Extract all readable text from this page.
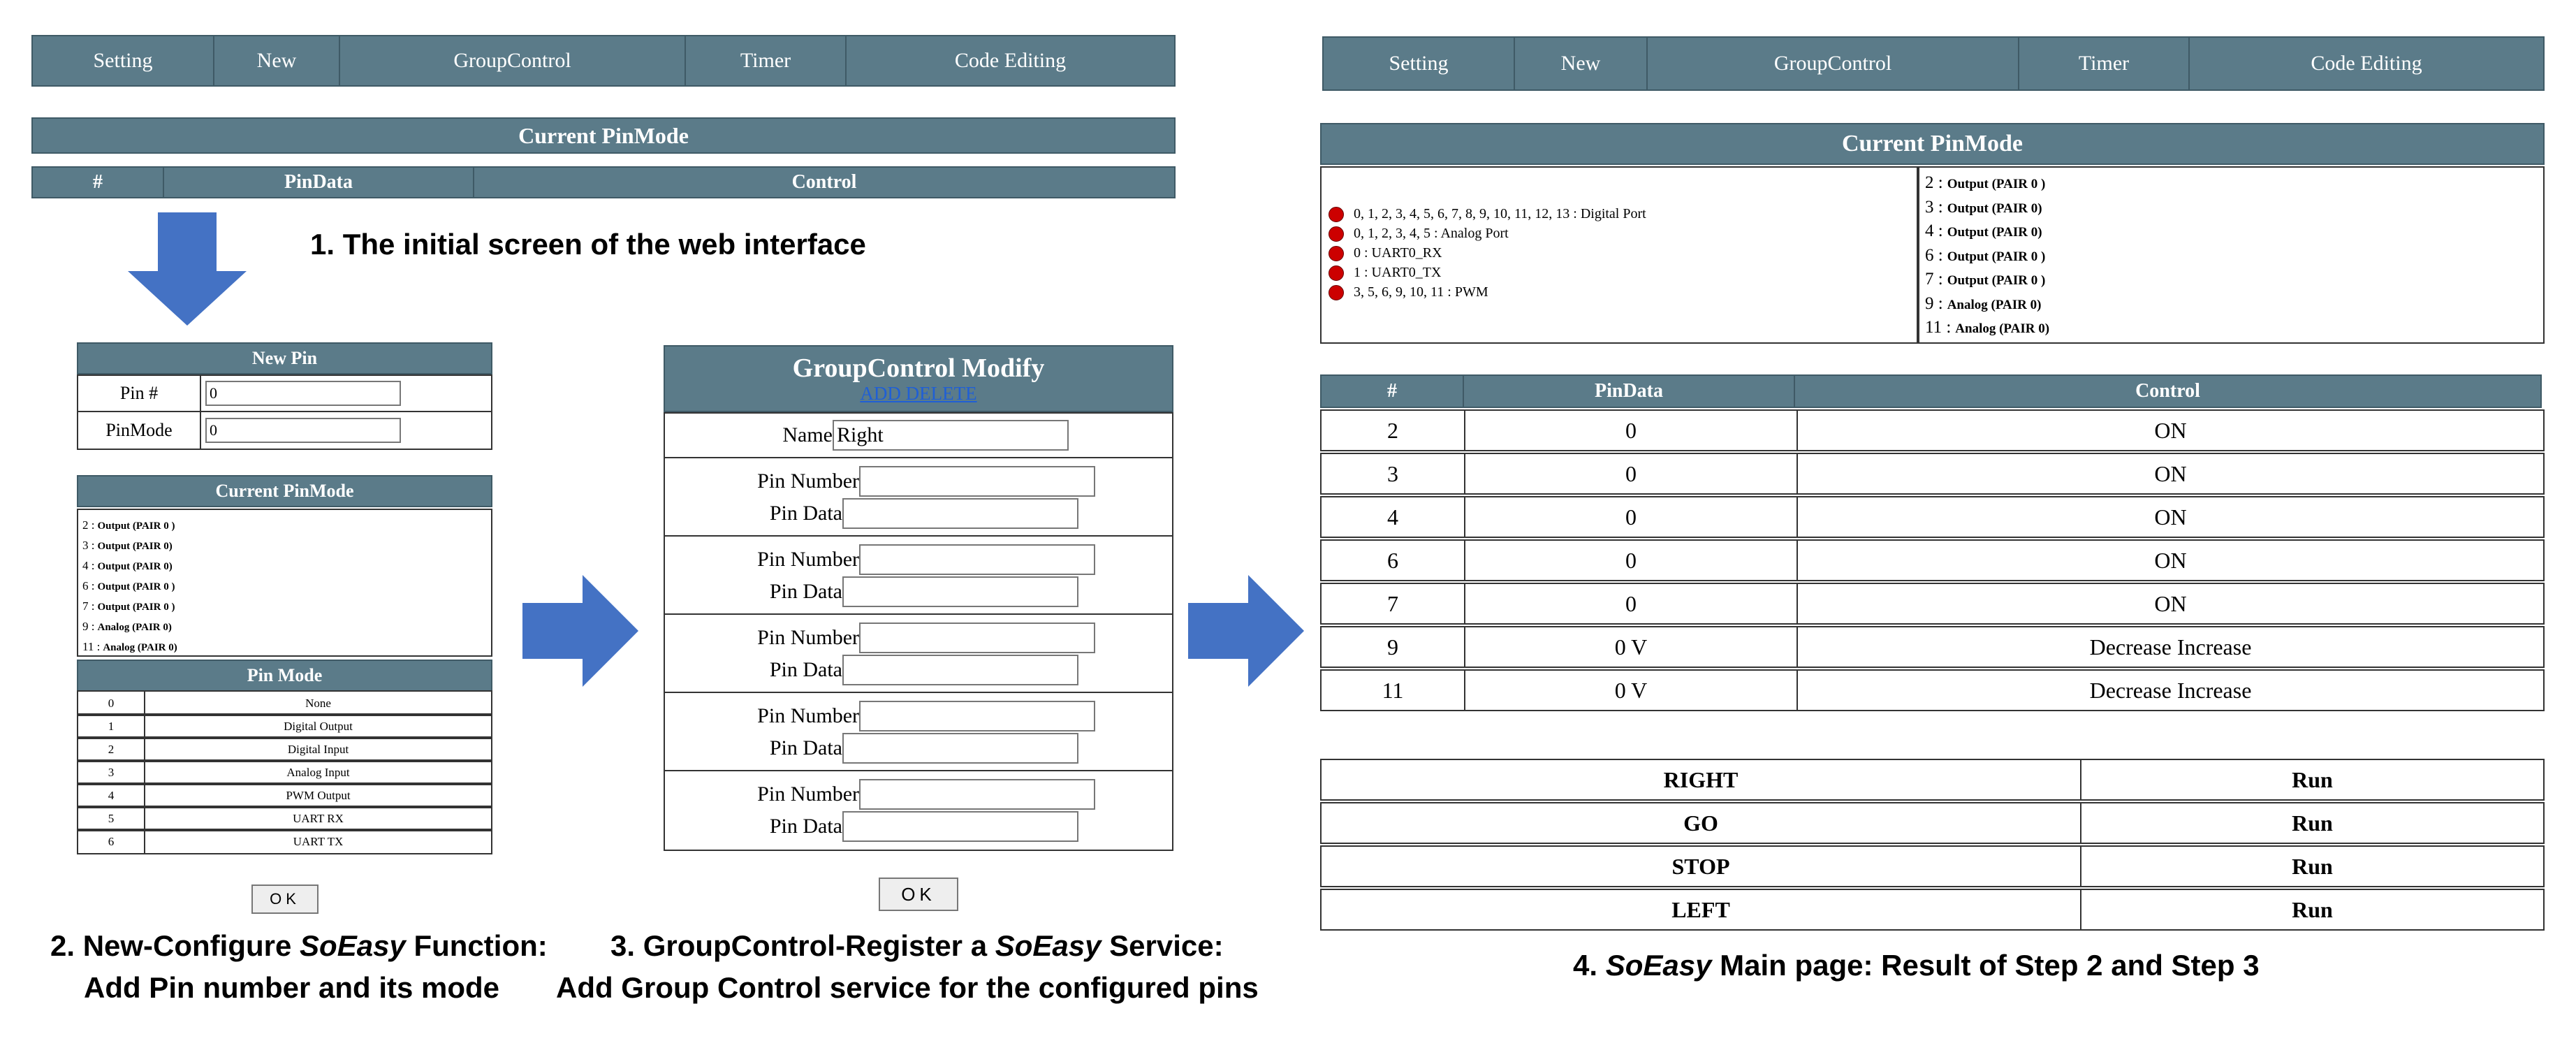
Setting	New	GroupControl	Timer	Code Editing
Current PinMode
#	PinData	Control
1. The initial screen of the web interface
New Pin
Pin #	0
PinMode	0
Current PinMode
2 : Output (PAIR 0 )
3 : Output (PAIR 0)
4 : Output (PAIR 0)
6 : Output (PAIR 0 )
7 : Output (PAIR 0 )
9 : Analog (PAIR 0)
11 : Analog (PAIR 0)
Pin Mode
0	None
1	Digital Output
2	Digital Input
3	Analog Input
4	PWM Output
5	UART RX
6	UART TX
OK
GroupControl Modify
ADD DELETE
Name Right
Pin Number
Pin Data
Pin Number
Pin Data
Pin Number
Pin Data
Pin Number
Pin Data
Pin Number
Pin Data
OK
2. New-Configure SoEasy Function:
Add Pin number and its mode
3. GroupControl-Register a SoEasy Service:
Add Group Control service for the configured pins
Setting	New	GroupControl	Timer	Code Editing
Current PinMode
0, 1, 2, 3, 4, 5, 6, 7, 8, 9, 10, 11, 12, 13 : Digital Port
0, 1, 2, 3, 4, 5 : Analog Port
0 : UART0_RX
1 : UART0_TX
3, 5, 6, 9, 10, 11 : PWM
2 : Output (PAIR 0 )
3 : Output (PAIR 0)
4 : Output (PAIR 0)
6 : Output (PAIR 0 )
7 : Output (PAIR 0 )
9 : Analog (PAIR 0)
11 : Analog (PAIR 0)
#	PinData	Control
2	0	ON
3	0	ON
4	0	ON
6	0	ON
7	0	ON
9	0 V	Decrease Increase
11	0 V	Decrease Increase
RIGHT	Run
GO	Run
STOP	Run
LEFT	Run
4. SoEasy Main page: Result of Step 2 and Step 3
